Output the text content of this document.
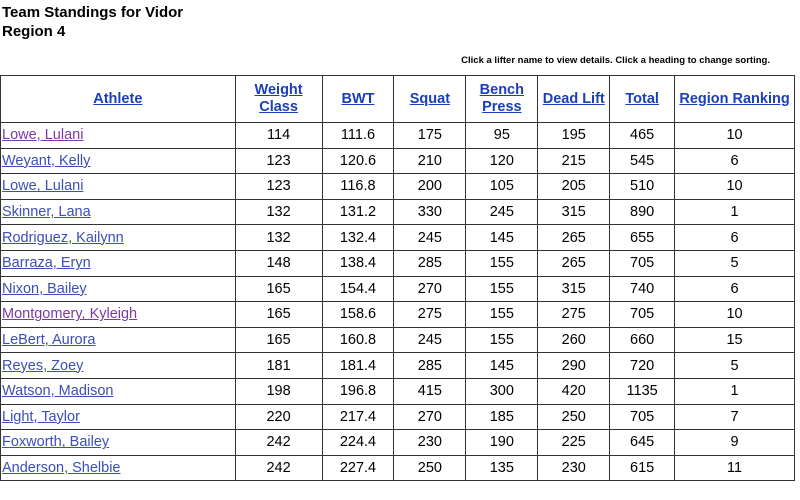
Team Standings for Vidor
Region 4
Click a lifter name to view details. Click a heading to change sorting.
Athlete	Weight Class	BWT	Squat	Bench Press	Dead Lift	Total	Region Ranking
Lowe, Lulani	114	111.6	175	95	195	465	10
Weyant, Kelly	123	120.6	210	120	215	545	6
Lowe, Lulani	123	116.8	200	105	205	510	10
Skinner, Lana	132	131.2	330	245	315	890	1
Rodriguez, Kailynn	132	132.4	245	145	265	655	6
Barraza, Eryn	148	138.4	285	155	265	705	5
Nixon, Bailey	165	154.4	270	155	315	740	6
Montgomery, Kyleigh	165	158.6	275	155	275	705	10
LeBert, Aurora	165	160.8	245	155	260	660	15
Reyes, Zoey	181	181.4	285	145	290	720	5
Watson, Madison	198	196.8	415	300	420	1135	1
Light, Taylor	220	217.4	270	185	250	705	7
Foxworth, Bailey	242	224.4	230	190	225	645	9
Anderson, Shelbie	242	227.4	250	135	230	615	11
